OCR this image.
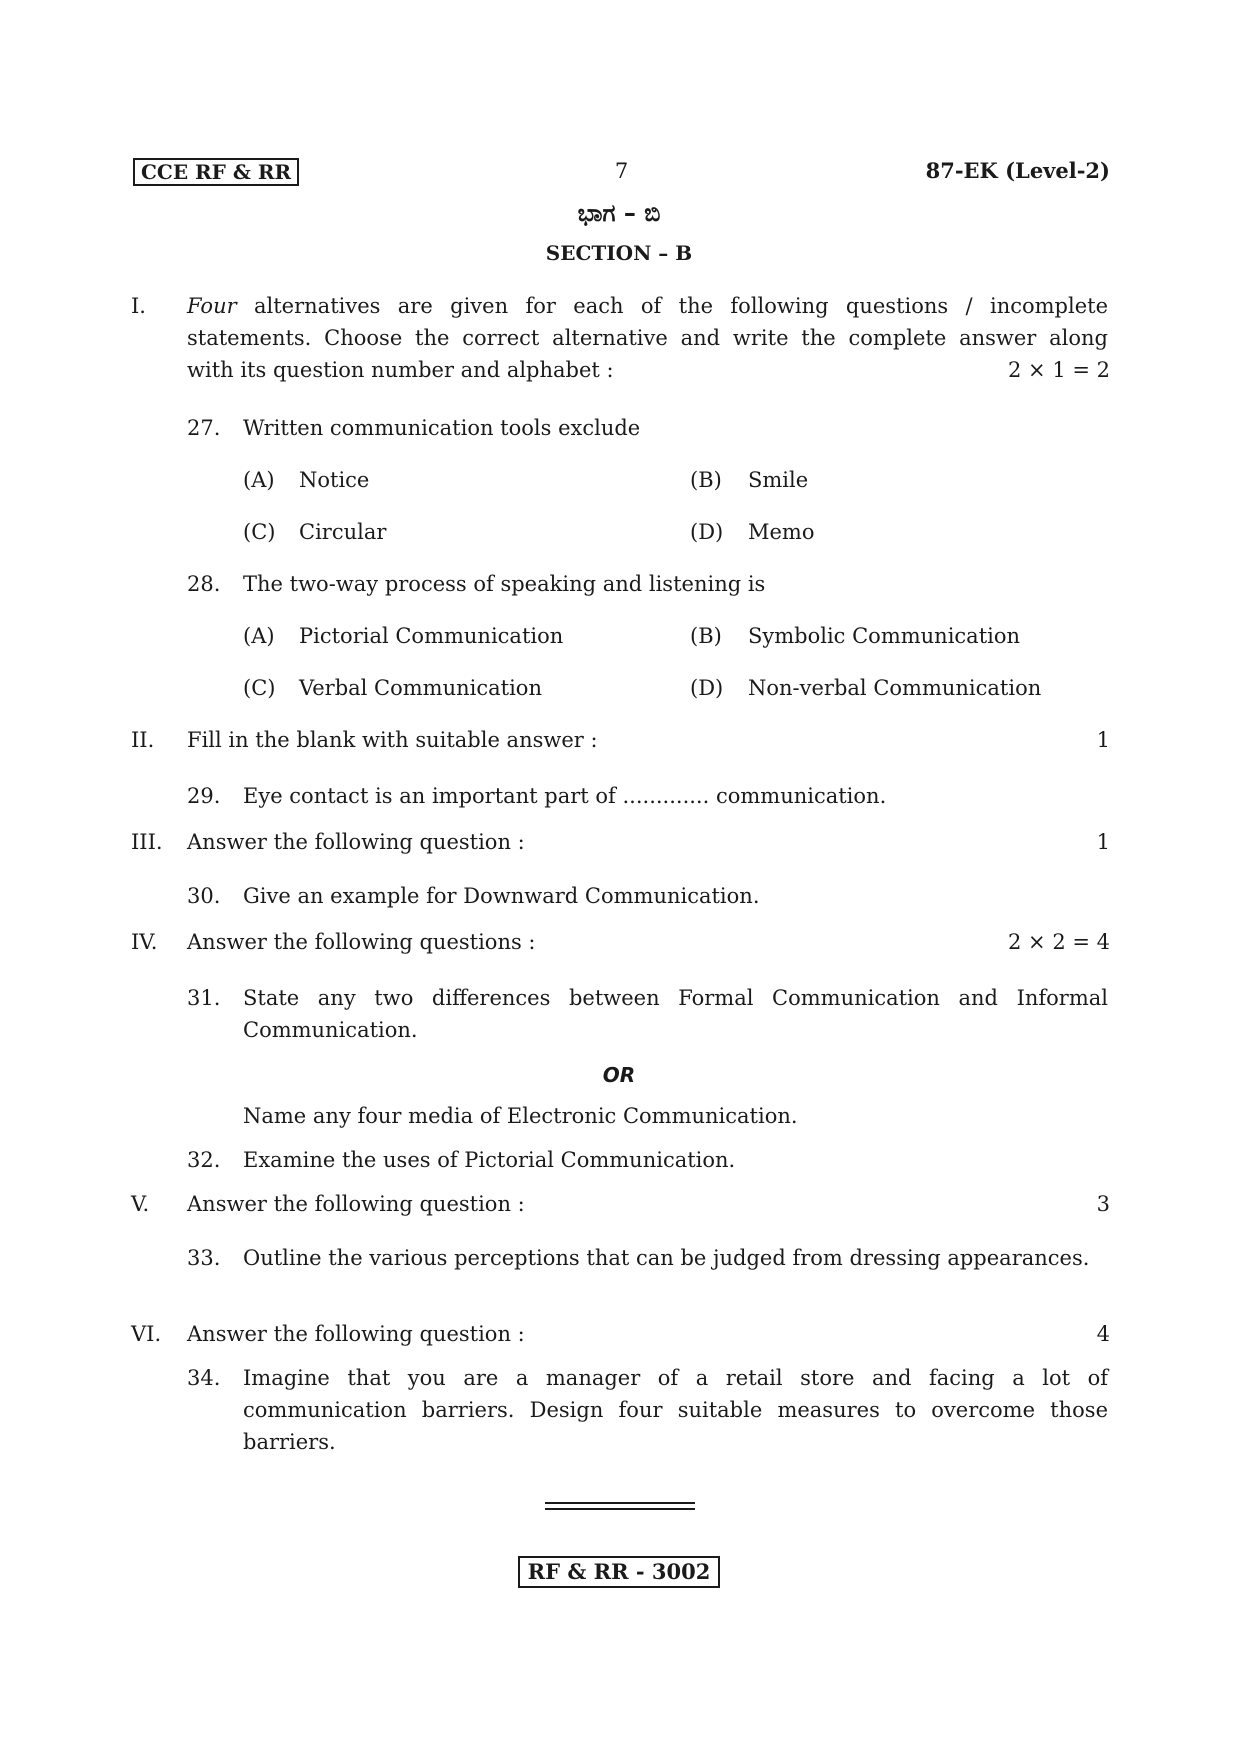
CCE RF & RR	7	87-EK (Level-2)
ಭಾಗ – ಬಿ
SECTION – B
I. Four alternatives are given for each of the following questions / incomplete statements. Choose the correct alternative and write the complete answer along
with its question number and alphabet :	2 × 1 = 2
27. Written communication tools exclude
(A) Notice	(B) Smile
(C) Circular	(D) Memo
28. The two-way process of speaking and listening is
(A) Pictorial Communication	(B) Symbolic Communication
(C) Verbal Communication	(D) Non-verbal Communication
II. Fill in the blank with suitable answer :	1
29. Eye contact is an important part of ............. communication.
III. Answer the following question :	1
30. Give an example for Downward Communication.
IV. Answer the following questions :	2 × 2 = 4
31. State any two differences between Formal Communication and Informal Communication.
OR
Name any four media of Electronic Communication.
32. Examine the uses of Pictorial Communication.
V. Answer the following question :	3
33. Outline the various perceptions that can be judged from dressing appearances.
VI. Answer the following question :	4
34. Imagine that you are a manager of a retail store and facing a lot of communication barriers. Design four suitable measures to overcome those barriers.
RF & RR - 3002
